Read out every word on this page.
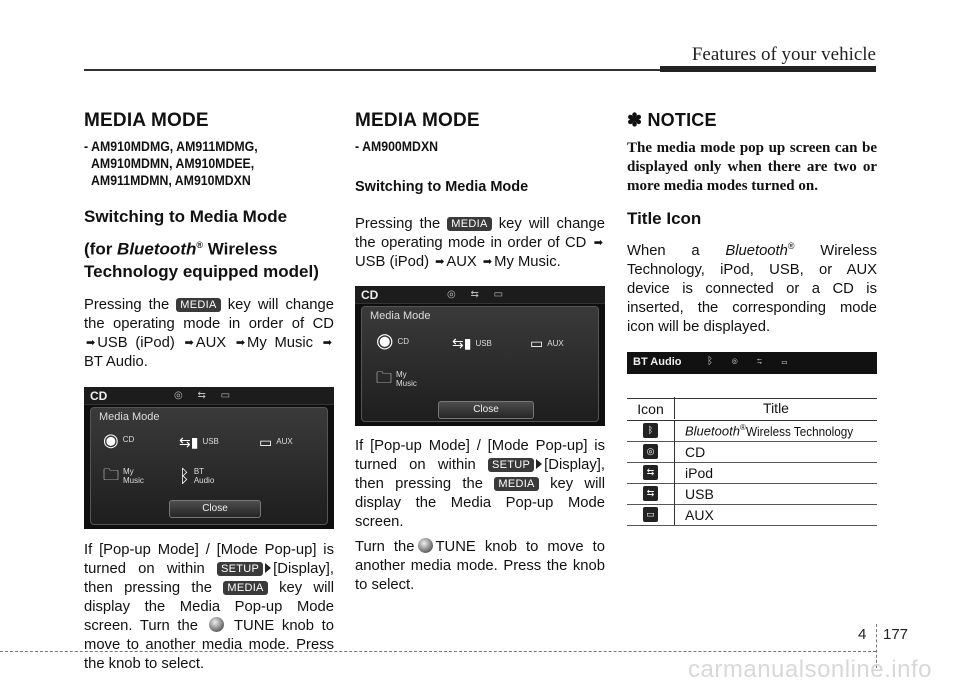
Features of your vehicle
MEDIA MODE
- AM910MDMG, AM911MDMG,
AM910MDMN, AM910MDEE,
AM911MDMN, AM910MDXN
Switching to Media Mode
(for Bluetooth® Wireless
Technology equipped model)
Pressing the MEDIA key will change the operating mode in order of CD ➡ USB (iPod) ➡ AUX ➡ My Music ➡ BT Audio.
CD	◎ ⇆ ▭
Media Mode
◉ CD	⇆▮ USB	▭ AUX
🗀 My
Music ᛒ BT
Audio
Close
If [Pop-up Mode] / [Mode Pop-up] is turned on within SETUP [Display], then pressing the MEDIA key will display the Media Pop-up Mode screen. Turn the TUNE knob to move to another media mode. Press the knob to select.
MEDIA MODE
- AM900MDXN
Switching to Media Mode
Pressing the MEDIA key will change the operating mode in order of CD ➡ USB (iPod) ➡ AUX ➡ My Music.
CD	◎ ⇆ ▭
Media Mode
◉ CD	⇆▮ USB	▭ AUX
🗀 My
Music
Close
If [Pop-up Mode] / [Mode Pop-up] is turned on within SETUP [Display], then pressing the MEDIA key will display the Media Pop-up Mode screen.
Turn the TUNE knob to move to another media mode. Press the knob to select.
✽ NOTICE
The media mode pop up screen can be displayed only when there are two or more media modes turned on.
Title Icon
When a Bluetooth® Wireless Technology, iPod, USB, or AUX device is connected or a CD is inserted, the corresponding mode icon will be displayed.
BT Audio	ᛒ ◎ ⇆ ▭
Icon	Title
ᛒ	Bluetooth®Wireless Technology
◎	CD
⇆	iPod
⇆	USB
▭	AUX
4 177
carmanualsonline.info
